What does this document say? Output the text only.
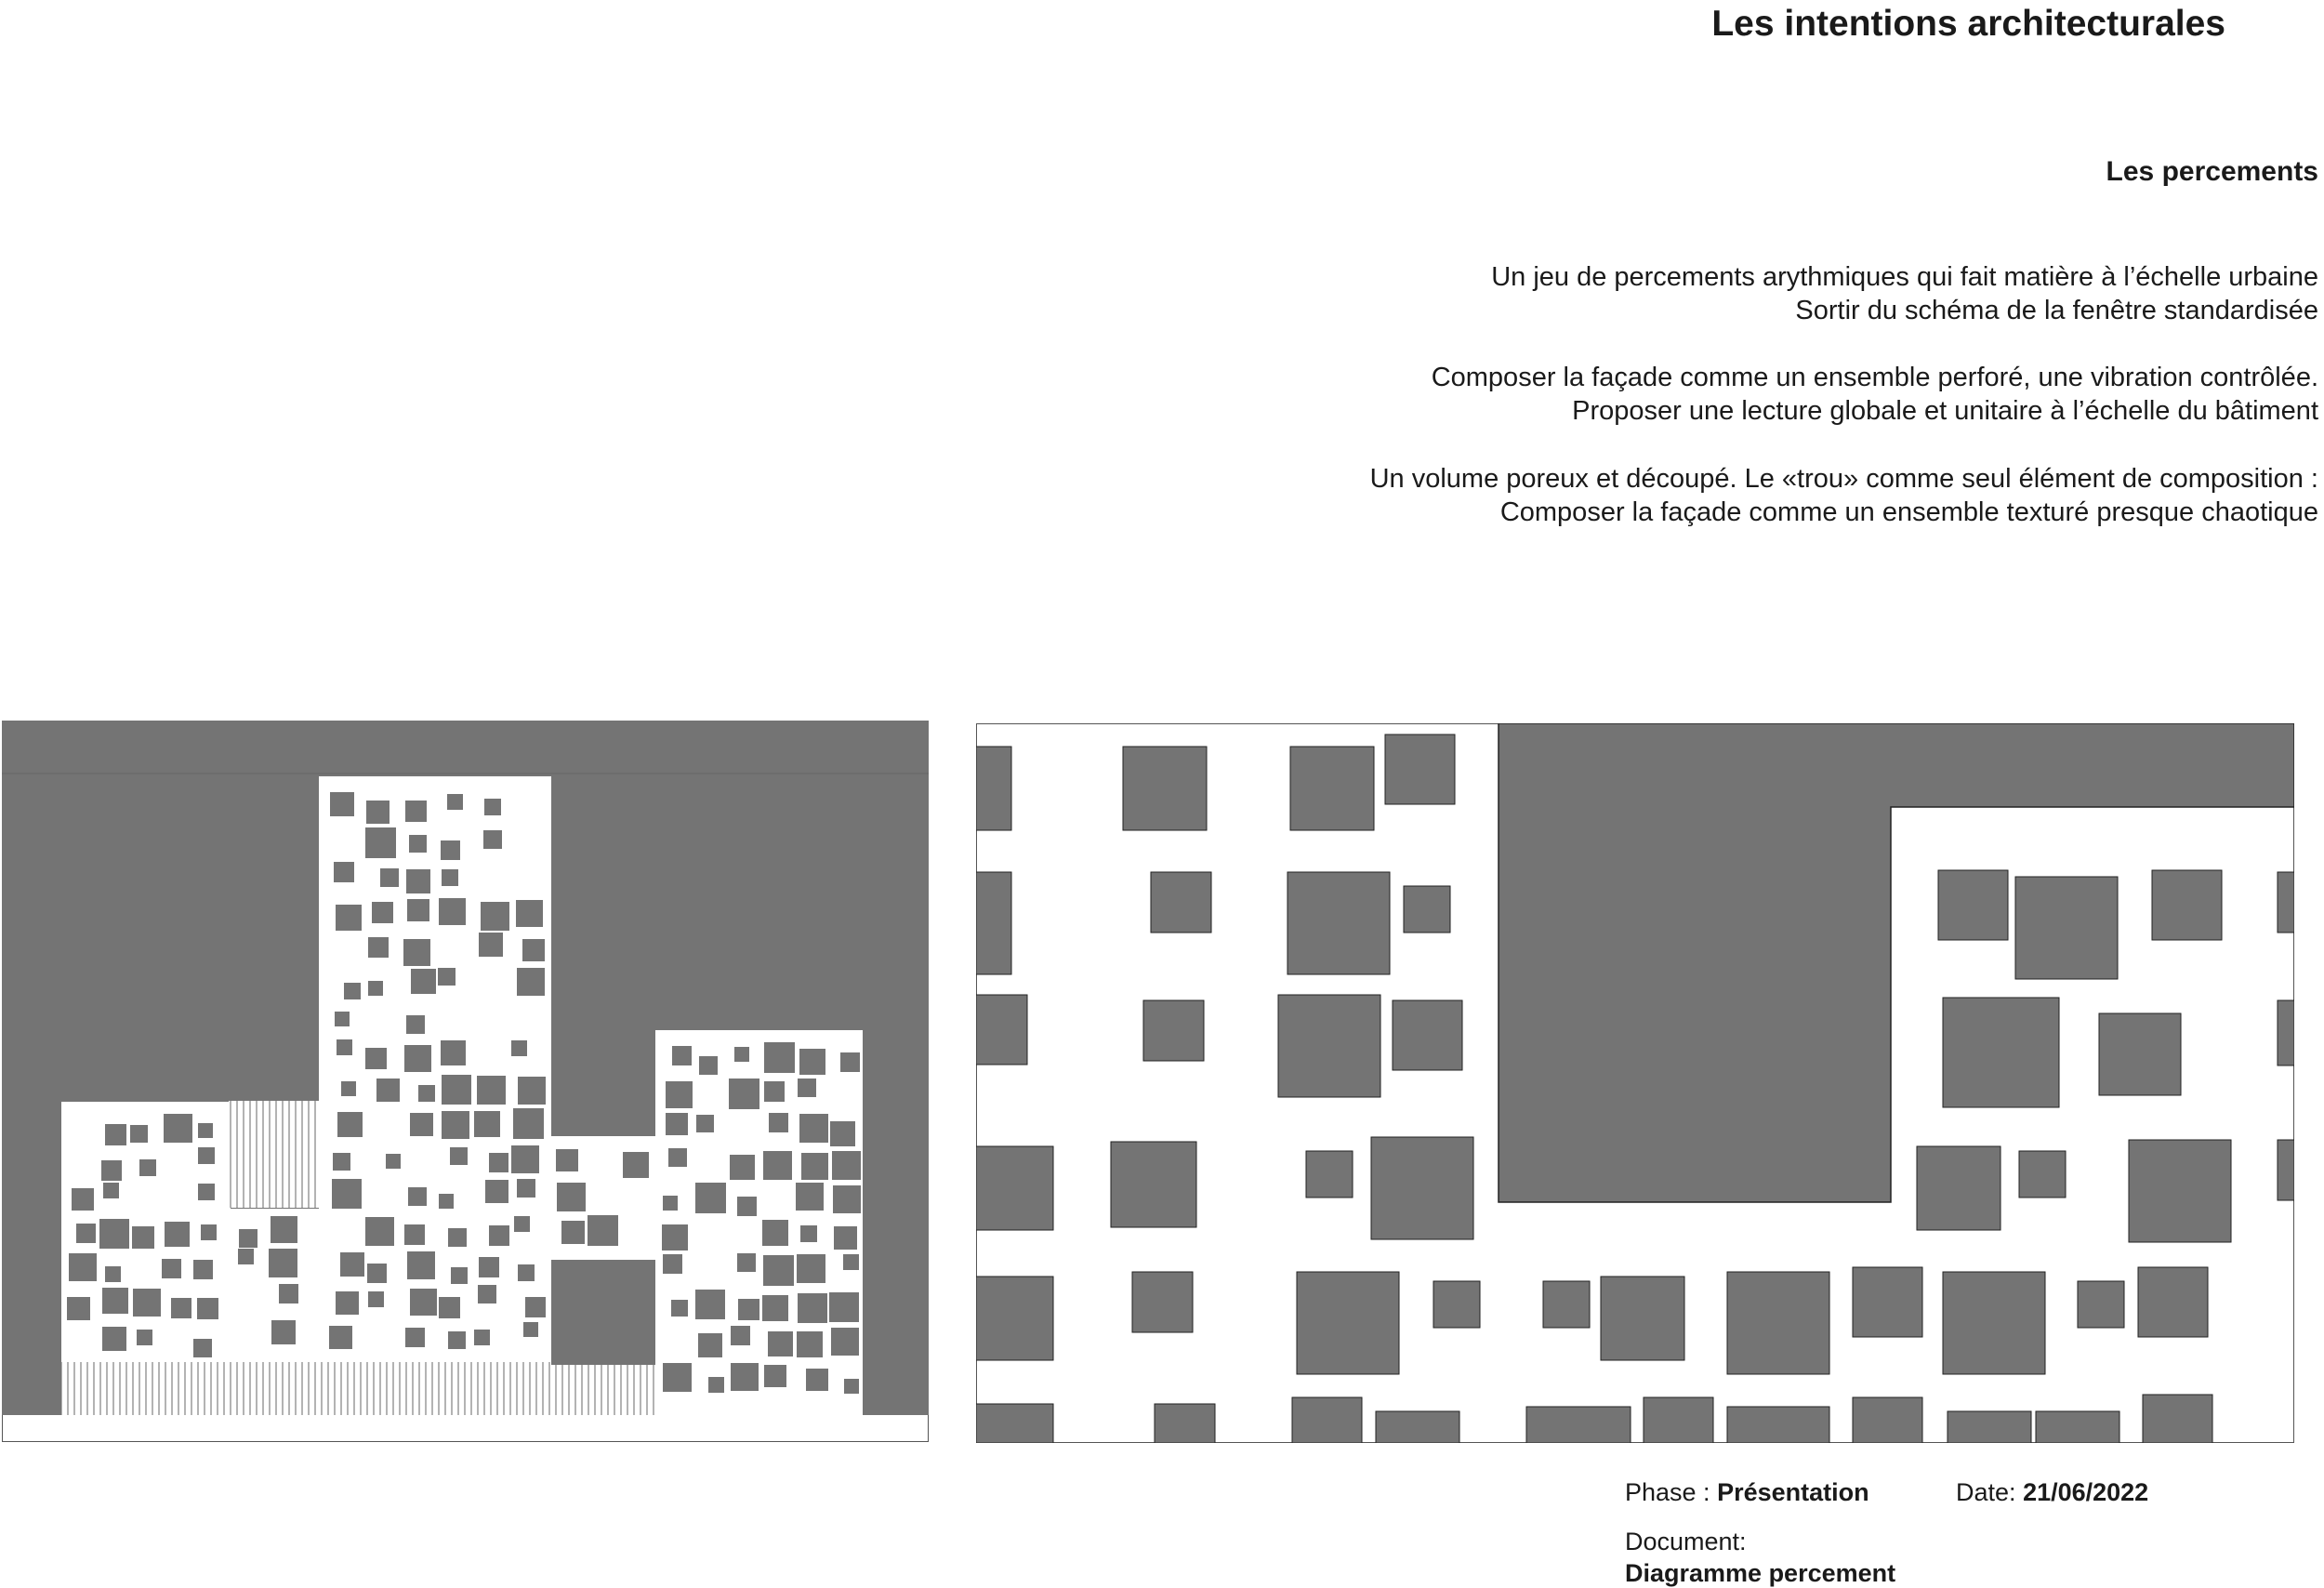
Les intentions architecturales
Les percements
Un jeu de percements arythmiques qui fait matière à l’échelle urbaine
Sortir du schéma de la fenêtre standardisée
Composer la façade comme un ensemble perforé, une vibration contrôlée.
Proposer une lecture globale et unitaire à l’échelle du bâtiment
Un volume poreux et découpé. Le «trou» comme seul élément de composition :
Composer la façade comme un ensemble texturé presque chaotique
Phase : Présentation	Date: 21/06/2022
Document:
Diagramme percement
